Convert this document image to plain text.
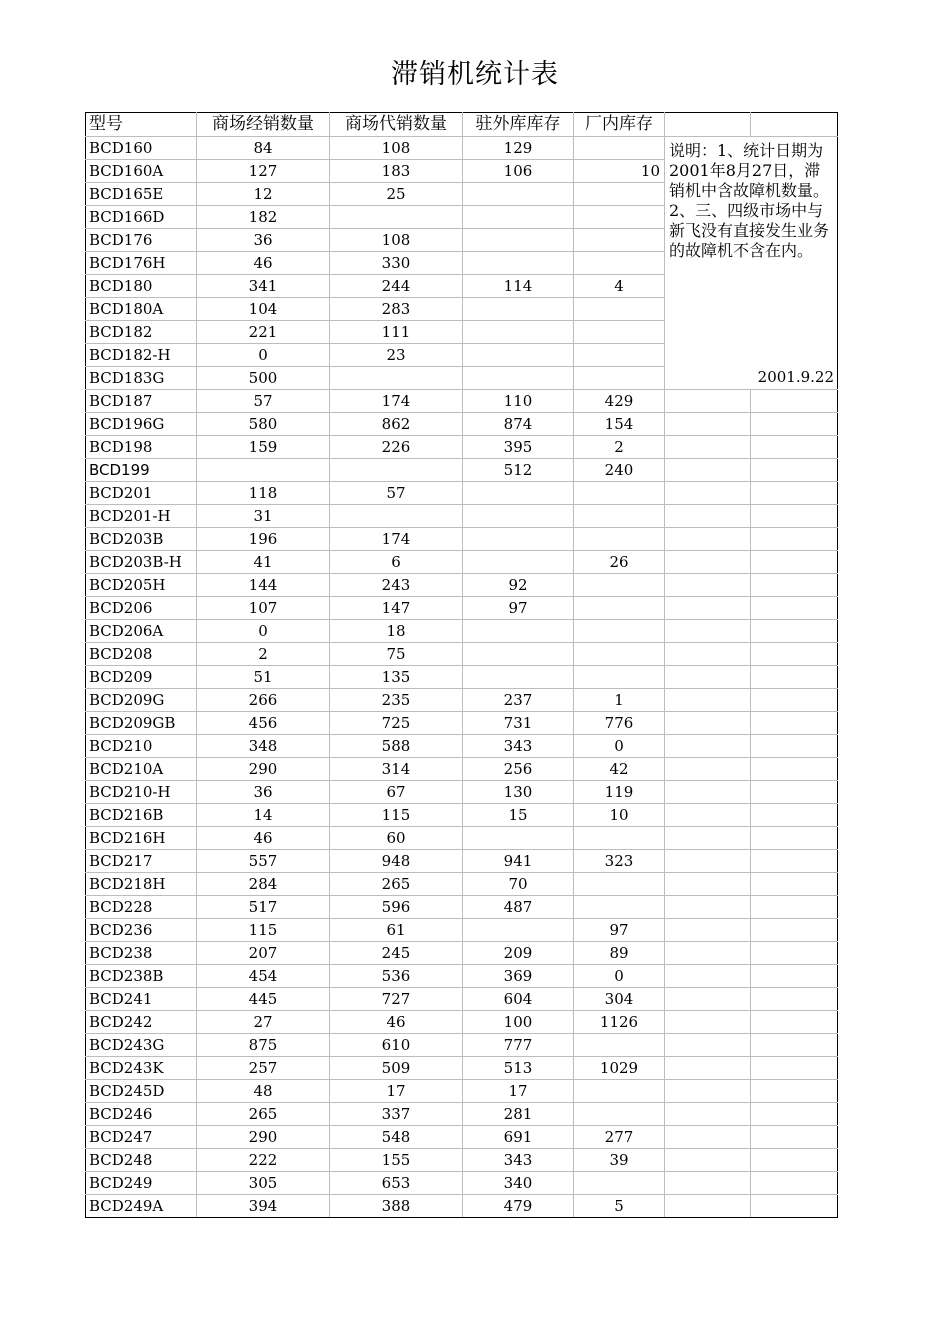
滞销机统计表
型号	商场经销数量	商场代销数量	驻外库库存	厂内库存		
BCD160	84	108	129		说明：1、统计日期为2001年8月27日，滞销机中含故障机数量。2、三、四级市场中与新飞没有直接发生业务的故障机不含在内。	
BCD160A	127	183	106	10		
BCD165E	12	25				
BCD166D	182					
BCD176	36	108				
BCD176H	46	330				
BCD180	341	244	114	4		
BCD180A	104	283				
BCD182	221	111				
BCD182-H	0	23				
BCD183G	500				2001.9.22	
BCD187	57	174	110	429		
BCD196G	580	862	874	154		
BCD198	159	226	395	2		
BCD199			512	240		
BCD201	118	57				
BCD201-H	31					
BCD203B	196	174				
BCD203B-H	41	6		26		
BCD205H	144	243	92			
BCD206	107	147	97			
BCD206A	0	18				
BCD208	2	75				
BCD209	51	135				
BCD209G	266	235	237	1		
BCD209GB	456	725	731	776		
BCD210	348	588	343	0		
BCD210A	290	314	256	42		
BCD210-H	36	67	130	119		
BCD216B	14	115	15	10		
BCD216H	46	60				
BCD217	557	948	941	323		
BCD218H	284	265	70			
BCD228	517	596	487			
BCD236	115	61		97		
BCD238	207	245	209	89		
BCD238B	454	536	369	0		
BCD241	445	727	604	304		
BCD242	27	46	100	1126		
BCD243G	875	610	777			
BCD243K	257	509	513	1029		
BCD245D	48	17	17			
BCD246	265	337	281			
BCD247	290	548	691	277		
BCD248	222	155	343	39		
BCD249	305	653	340			
BCD249A	394	388	479	5		
